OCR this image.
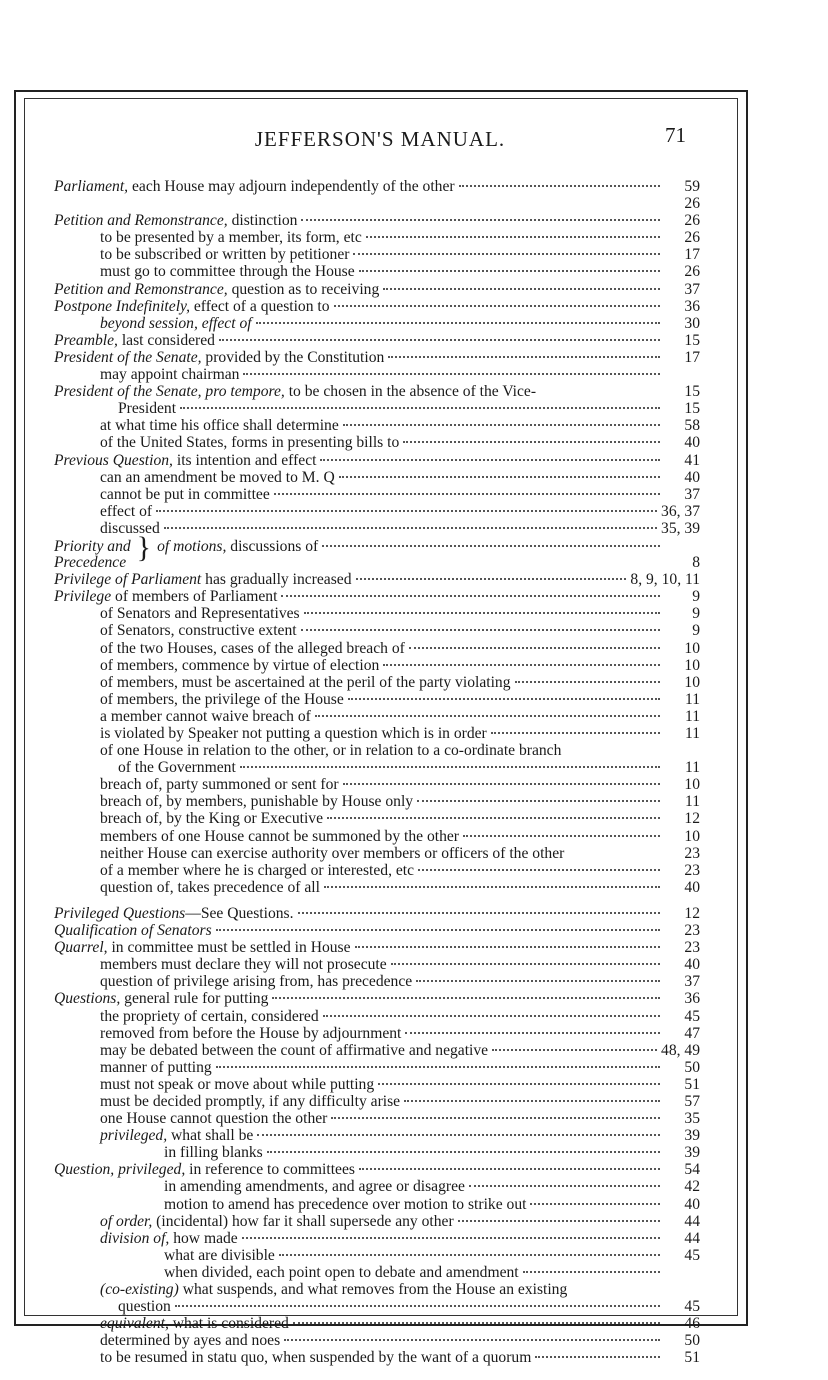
JEFFERSON'S MANUAL.	71
Parliament, each House may adjourn independently of the other	59
26
Petition and Remonstrance, distinction	26
to be presented by a member, its form, etc	26
to be subscribed or written by petitioner	17
must go to committee through the House	26
Petition and Remonstrance, question as to receiving	37
Postpone Indefinitely, effect of a question to	36
beyond session, effect of	30
Preamble, last considered	15
President of the Senate, provided by the Constitution	17
may appoint chairman
President of the Senate, pro tempore, to be chosen in the absence of the Vice-	15
President	15
at what time his office shall determine	58
of the United States, forms in presenting bills to	40
Previous Question, its intention and effect	41
can an amendment be moved to M. Q	40
cannot be put in committee	37
effect of	36, 37
discussed	35, 39
Priority and } of motions, discussions of
Precedence	8
Privilege of Parliament has gradually increased	8, 9, 10, 11
Privilege of members of Parliament	9
of Senators and Representatives	9
of Senators, constructive extent	9
of the two Houses, cases of the alleged breach of	10
of members, commence by virtue of election	10
of members, must be ascertained at the peril of the party violating	10
of members, the privilege of the House	11
a member cannot waive breach of	11
is violated by Speaker not putting a question which is in order	11
of one House in relation to the other, or in relation to a co-ordinate branch
of the Government	11
breach of, party summoned or sent for	10
breach of, by members, punishable by House only	11
breach of, by the King or Executive	12
members of one House cannot be summoned by the other	10
neither House can exercise authority over members or officers of the other	23
of a member where he is charged or interested, etc	23
question of, takes precedence of all	40
Privileged Questions—See Questions.	12
Qualification of Senators	23
Quarrel, in committee must be settled in House	23
members must declare they will not prosecute	40
question of privilege arising from, has precedence	37
Questions, general rule for putting	36
the propriety of certain, considered	45
removed from before the House by adjournment	47
may be debated between the count of affirmative and negative	48, 49
manner of putting	50
must not speak or move about while putting	51
must be decided promptly, if any difficulty arise	57
one House cannot question the other	35
privileged, what shall be	39
in filling blanks	39
Question, privileged, in reference to committees	54
in amending amendments, and agree or disagree	42
motion to amend has precedence over motion to strike out	40
of order, (incidental) how far it shall supersede any other	44
division of, how made	44
what are divisible	45
when divided, each point open to debate and amendment
(co-existing) what suspends, and what removes from the House an existing
question	45
equivalent, what is considered	46
determined by ayes and noes	50
to be resumed in statu quo, when suspended by the want of a quorum	51
